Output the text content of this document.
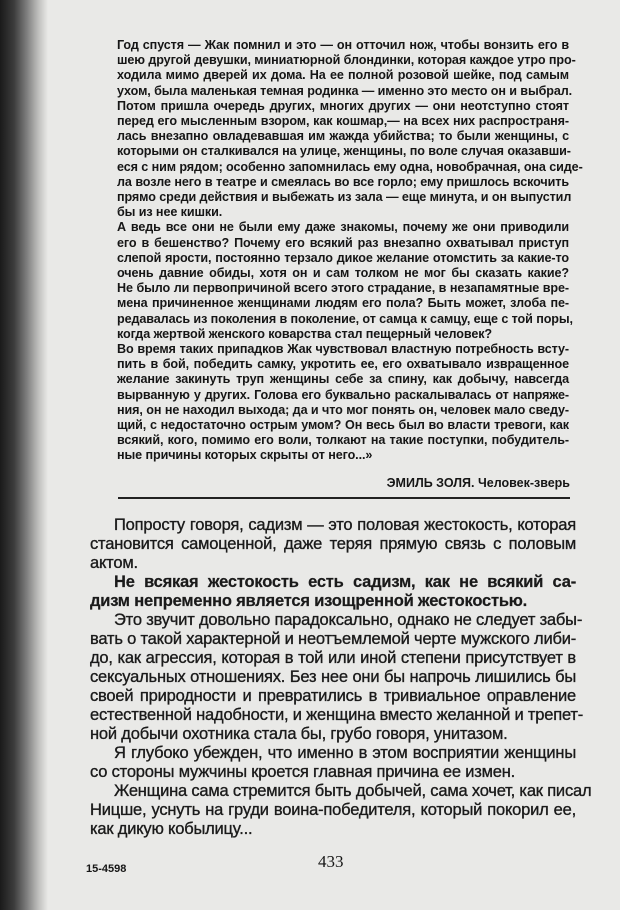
Год спустя — Жак помнил и это — он отточил нож, чтобы вонзить его в
шею другой девушки, миниатюрной блондинки, которая каждое утро про-
ходила мимо дверей их дома. На ее полной розовой шейке, под самым
ухом, была маленькая темная родинка — именно это место он и выбрал.
Потом пришла очередь других, многих других — они неотступно стоят
перед его мысленным взором, как кошмар,— на всех них распространя-
лась внезапно овладевавшая им жажда убийства; то были женщины, с
которыми он сталкивался на улице, женщины, по воле случая оказавши-
еся с ним рядом; особенно запомнилась ему одна, новобрачная, она сиде-
ла возле него в театре и смеялась во все горло; ему пришлось вскочить
прямо среди действия и выбежать из зала — еще минута, и он выпустил
бы из нее кишки.
А ведь все они не были ему даже знакомы, почему же они приводили
его в бешенство? Почему его всякий раз внезапно охватывал приступ
слепой ярости, постоянно терзало дикое желание отомстить за какие-то
очень давние обиды, хотя он и сам толком не мог бы сказать какие?
Не было ли первопричиной всего этого страдание, в незапамятные вре-
мена причиненное женщинами людям его пола? Быть может, злоба пе-
редавалась из поколения в поколение, от самца к самцу, еще с той поры,
когда жертвой женского коварства стал пещерный человек?
Во время таких припадков Жак чувствовал властную потребность всту-
пить в бой, победить самку, укротить ее, его охватывало извращенное
желание закинуть труп женщины себе за спину, как добычу, навсегда
вырванную у других. Голова его буквально раскалывалась от напряже-
ния, он не находил выхода; да и что мог понять он, человек мало сведу-
щий, с недостаточно острым умом? Он весь был во власти тревоги, как
всякий, кого, помимо его воли, толкают на такие поступки, побудитель-
ные причины которых скрыты от него...»
ЭМИЛЬ ЗОЛЯ. Человек-зверь
Попросту говоря, садизм — это половая жестокость, которая
становится самоценной, даже теряя прямую связь с половым
актом.
Не всякая жестокость есть садизм, как не всякий са-
дизм непременно является изощренной жестокостью.
Это звучит довольно парадоксально, однако не следует забы-
вать о такой характерной и неотъемлемой черте мужского либи-
до, как агрессия, которая в той или иной степени присутствует в
сексуальных отношениях. Без нее они бы напрочь лишились бы
своей природности и превратились в тривиальное оправление
естественной надобности, и женщина вместо желанной и трепет-
ной добычи охотника стала бы, грубо говоря, унитазом.
Я глубоко убежден, что именно в этом восприятии женщины
со стороны мужчины кроется главная причина ее измен.
Женщина сама стремится быть добычей, сама хочет, как писал
Ницше, уснуть на груди воина-победителя, который покорил ее,
как дикую кобылицу...
433
15-4598
